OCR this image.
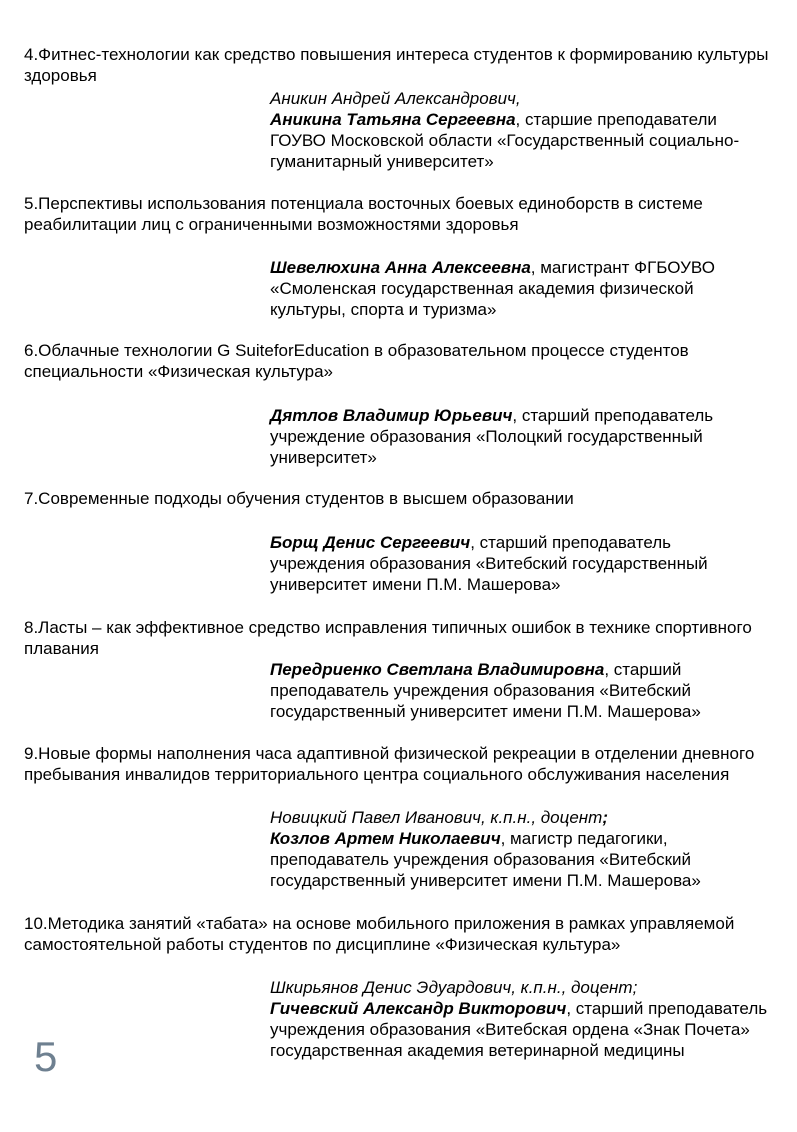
4.Фитнес-технологии как средство повышения интереса студентов к формированию культуры здоровья

Аникин Андрей Александрович,

Аникина Татьяна Сергеевна, старшие преподаватели ГОУВО Московской области «Государственный социально-гуманитарный университет»

5.Перспективы использования потенциала восточных боевых единоборств в системе реабилитации лиц с ограниченными возможностями здоровья

Шевелюхина Анна Алексеевна, магистрант ФГБОУВО «Смоленская государственная академия физической культуры, спорта и туризма»

6.Облачные технологии G SuiteforEducation в образовательном процессе студентов специальности «Физическая культура»

Дятлов Владимир Юрьевич, старший преподаватель учреждение образования «Полоцкий государственный университет»

7.Современные подходы обучения студентов в высшем образовании

Борщ Денис Сергеевич, старший преподаватель учреждения образования «Витебский государственный университет имени П.М. Машерова»

8.Ласты – как эффективное средство исправления типичных ошибок в технике спортивного плавания

Передриенко Светлана Владимировна, старший преподаватель учреждения образования «Витебский государственный университет имени П.М. Машерова»

9.Новые формы наполнения часа адаптивной физической рекреации в отделении дневного пребывания инвалидов территориального центра социального обслуживания населения

Новицкий Павел Иванович, к.п.н., доцент;

Козлов Артем Николаевич, магистр педагогики, преподаватель учреждения образования «Витебский государственный университет имени П.М. Машерова»

10.Методика занятий «табата» на основе мобильного приложения в рамках управляемой самостоятельной работы студентов по дисциплине «Физическая культура»

Шкирьянов Денис Эдуардович, к.п.н., доцент;

Гичевский Александр Викторович, старший преподаватель учреждения образования «Витебская ордена «Знак Почета» государственная академия ветеринарной медицины

5
